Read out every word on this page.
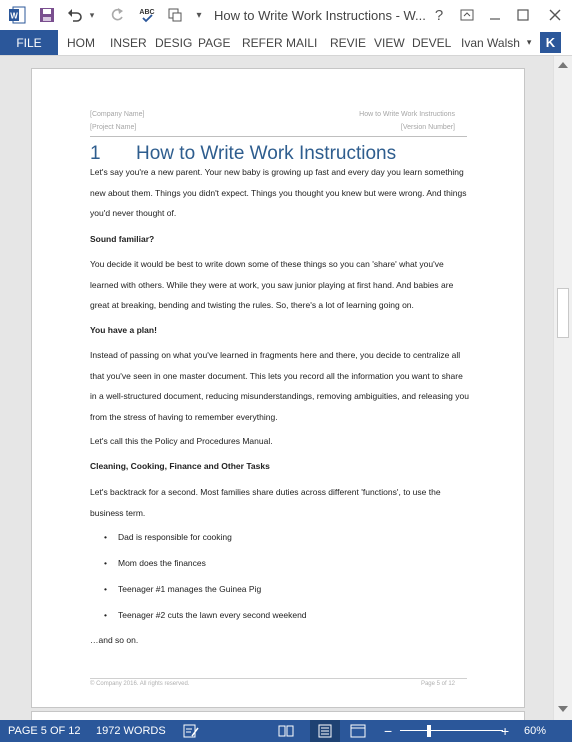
W	▾	ABC	▾ How to Write Work Instructions - W... ?
FILE	HOM INSER DESIG PAGE REFER MAILI REVIE VIEW DEVEL Ivan Walsh ▾	K
[Company Name]
[Project Name]
How to Write Work Instructions
[Version Number]
1 How to Write Work Instructions
Let's say you're a new parent. Your new baby is growing up fast and every day you learn something new about them. Things you didn't expect. Things you thought you knew but were wrong. And things you'd never thought of.
Sound familiar?
You decide it would be best to write down some of these things so you can 'share' what you've learned with others. While they were at work, you saw junior playing at first hand. And babies are great at breaking, bending and twisting the rules. So, there's a lot of learning going on.
You have a plan!
Instead of passing on what you've learned in fragments here and there, you decide to centralize all that you've seen in one master document. This lets you record all the information you want to share in a well-structured document, reducing misunderstandings, removing ambiguities, and releasing you from the stress of having to remember everything.
Let's call this the Policy and Procedures Manual.
Cleaning, Cooking, Finance and Other Tasks
Let's backtrack for a second. Most families share duties across different 'functions', to use the business term.
• Dad is responsible for cooking
• Mom does the finances
• Teenager #1 manages the Guinea Pig
• Teenager #2 cuts the lawn every second weekend
…and so on.
© Company 2016. All rights reserved.	Page 5 of 12
PAGE 5 OF 12 1972 WORDS	−	+ 60%
